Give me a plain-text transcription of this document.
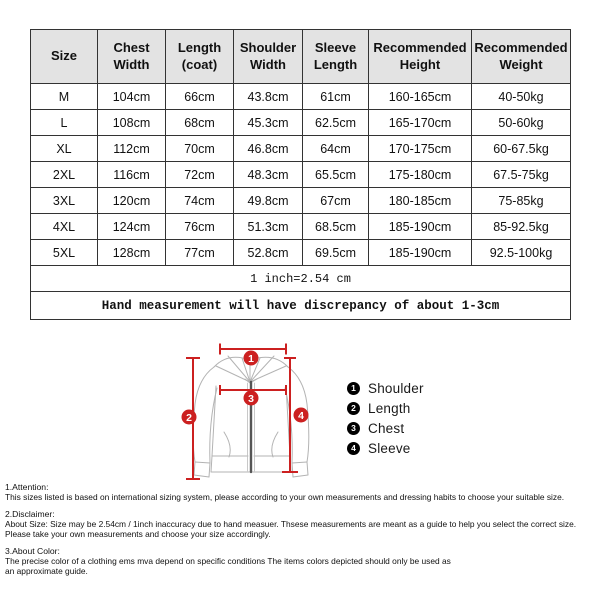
Size	Chest Width	Length (coat)	Shoulder Width	Sleeve Length	Recommended Height	Recommended Weight
M	104cm	66cm	43.8cm	61cm	160-165cm	40-50kg
L	108cm	68cm	45.3cm	62.5cm	165-170cm	50-60kg
XL	112cm	70cm	46.8cm	64cm	170-175cm	60-67.5kg
2XL	116cm	72cm	48.3cm	65.5cm	175-180cm	67.5-75kg
3XL	120cm	74cm	49.8cm	67cm	180-185cm	75-85kg
4XL	124cm	76cm	51.3cm	68.5cm	185-190cm	85-92.5kg
5XL	128cm	77cm	52.8cm	69.5cm	185-190cm	92.5-100kg
1 inch=2.54 cm						
Hand measurement will have discrepancy of about 1-3cm						
1
2
3
4
1 Shoulder
2 Length
3 Chest
4 Sleeve
1.Attention:
This sizes listed is based on international sizing system, please according to your own measurements and dressing habits to choose your suitable size.
2.Disclaimer:
About Size: Size may be 2.54cm / 1inch inaccuracy due to hand measuer. Thsese measurements are meant as a guide to help you select the correct size.
Please take your own measurements and choose your size accordingly.
3.About Color:
The precise color of a clothing ems mva depend on specific conditions The items colors depicted should only be used as
an approximate guide.
